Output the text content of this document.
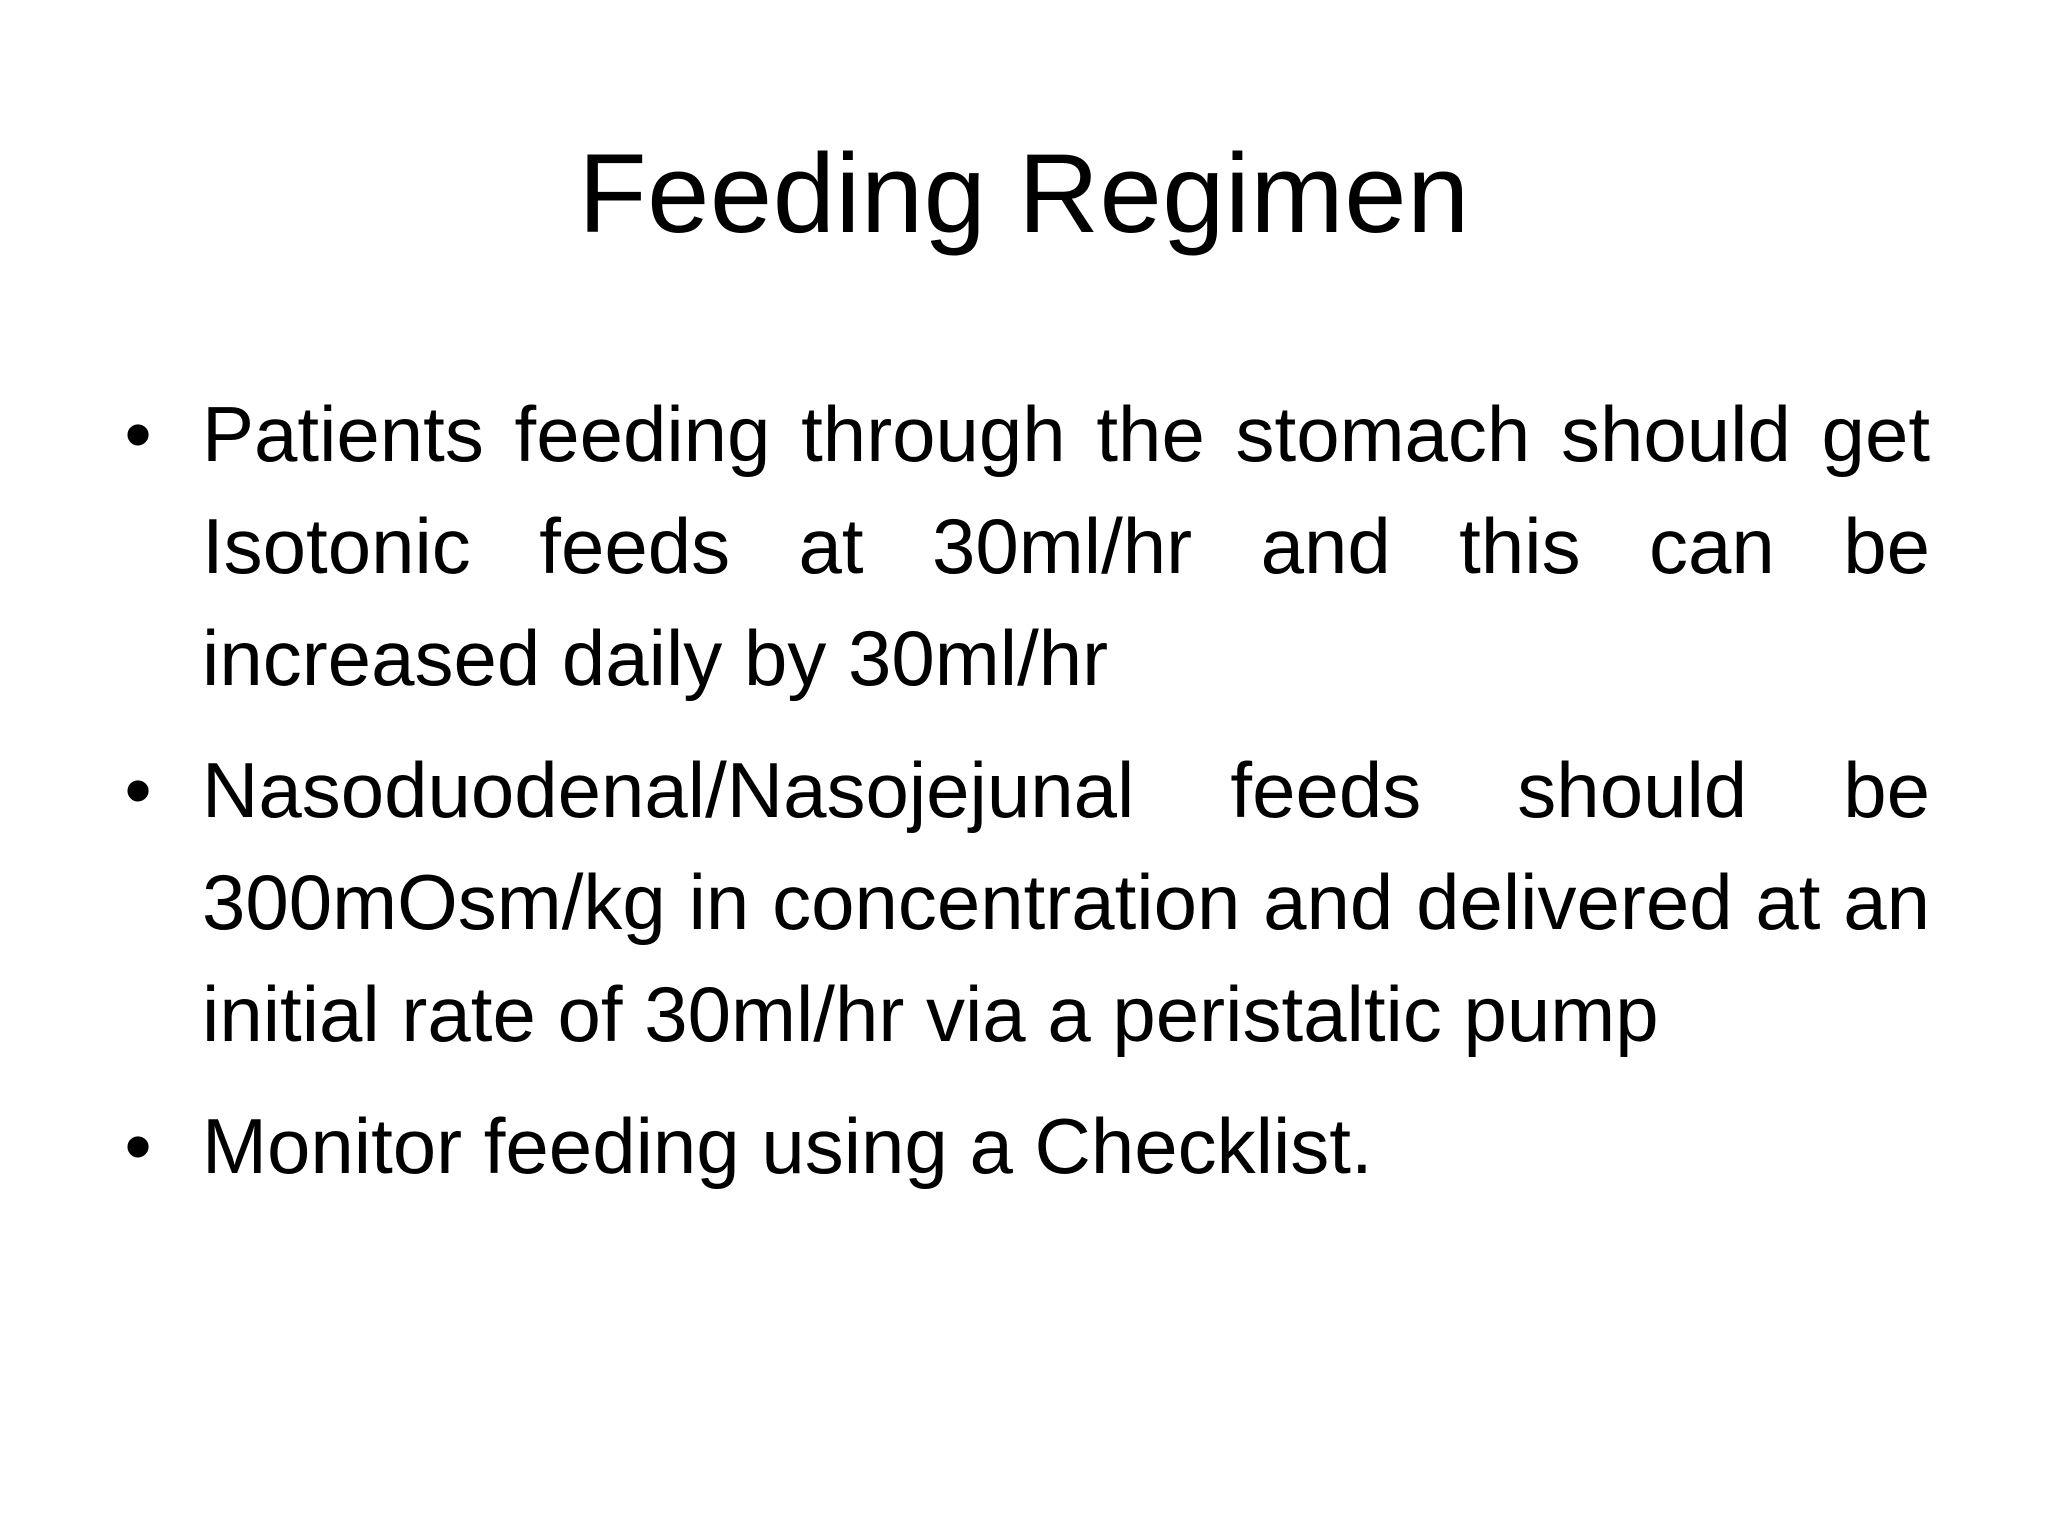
Feeding Regimen
• Patients feeding through the stomach should get Isotonic feeds at 30ml/hr and this can be increased daily by 30ml/hr
• Nasoduodenal/Nasojejunal feeds should be 300mOsm/kg in concentration and delivered at an initial rate of 30ml/hr via a peristaltic pump
• Monitor feeding using a Checklist.
